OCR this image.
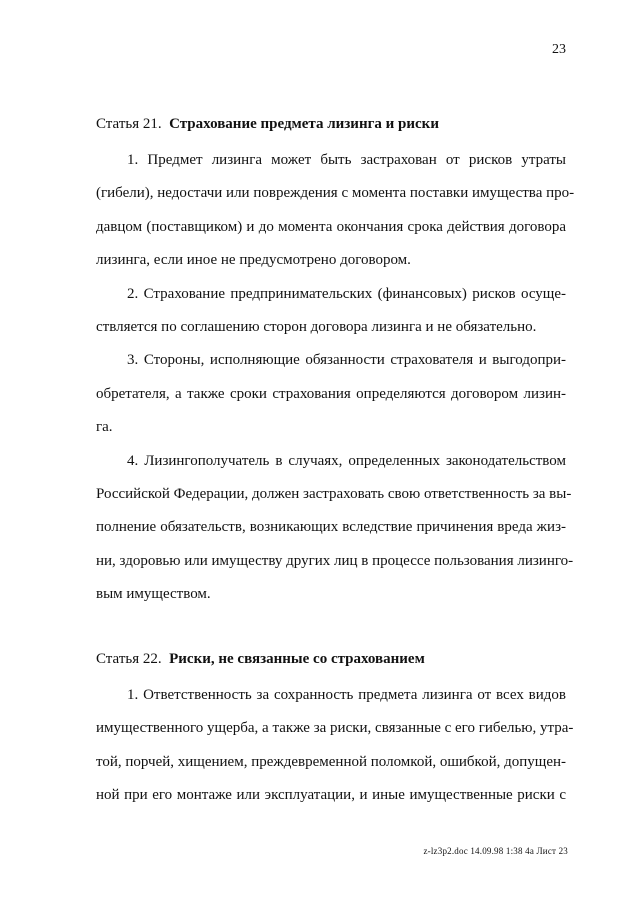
23

Статья 21. Страхование предмета лизинга и риски

1. Предмет лизинга может быть застрахован от рисков утраты
(гибели), недостачи или повреждения с момента поставки имущества про-
давцом (поставщиком) и до момента окончания срока действия договора
лизинга, если иное не предусмотрено договором.

2. Страхование предпринимательских (финансовых) рисков осуще-
ствляется по соглашению сторон договора лизинга и не обязательно.

3. Стороны, исполняющие обязанности страхователя и выгодопри-
обретателя, а также сроки страхования определяются договором лизин-
га.

4. Лизингополучатель в случаях, определенных законодательством
Российской Федерации, должен застраховать свою ответственность за вы-
полнение обязательств, возникающих вследствие причинения вреда жиз-
ни, здоровью или имуществу других лиц в процессе пользования лизинго-
вым имуществом.

Статья 22. Риски, не связанные со страхованием

1. Ответственность за сохранность предмета лизинга от всех видов
имущественного ущерба, а также за риски, связанные с его гибелью, утра-
той, порчей, хищением, преждевременной поломкой, ошибкой, допущен-
ной при его монтаже или эксплуатации, и иные имущественные риски с

z-lz3p2.doc 14.09.98 1:38 4a Лист 23
